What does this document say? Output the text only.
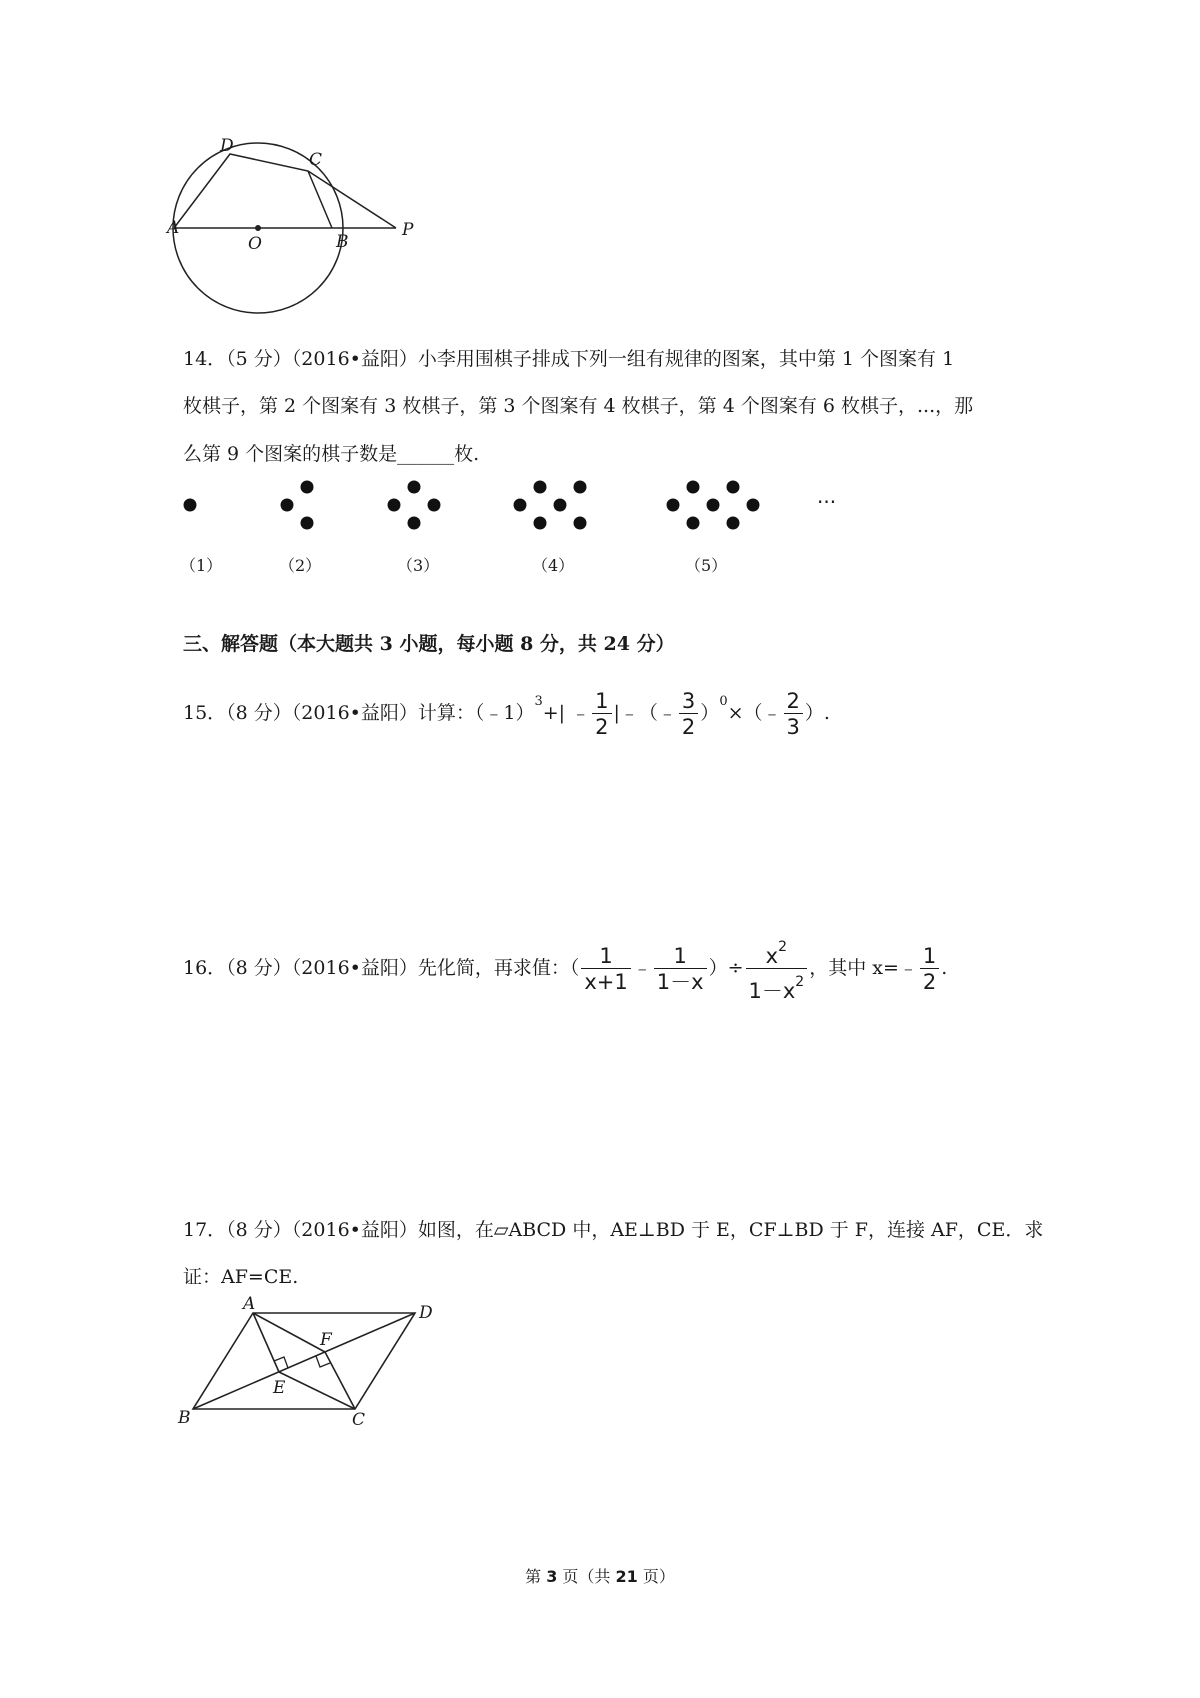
D
C
A
O	B
P
14．（5 分）（2016•益阳）小李用围棋子排成下列一组有规律的图案，其中第 1 个图案有 1
枚棋子，第 2 个图案有 3 枚棋子，第 3 个图案有 4 枚棋子，第 4 个图案有 6 枚棋子，...，那
么第 9 个图案的棋子数是______枚.
···
（1）	（2）	（3）	（4）	（5）
三、解答题（本大题共 3 小题，每小题 8 分，共 24 分）
15．（8 分）（2016•益阳）计算：（﹣1）$^3$+| ﹣ $\frac{1}{2}$ |﹣（﹣ $\frac{3}{2}$ ）$^0$×（﹣ $\frac{2}{3}$ ）.
16．（8 分）（2016•益阳）先化简，再求值：（ $\frac{1}{x+1}$ ﹣ $\frac{1}{1-x}$ ）÷ $\frac{x^2}{1-x^2}$ ，其中 x=﹣ $\frac{1}{2}$ .
17．（8 分）（2016•益阳）如图，在▱ABCD 中，AE⊥BD 于 E，CF⊥BD 于 F，连接 AF，CE．求
证：AF=CE.
A	D
F
E
B	C
第 3 页（共 21 页）
